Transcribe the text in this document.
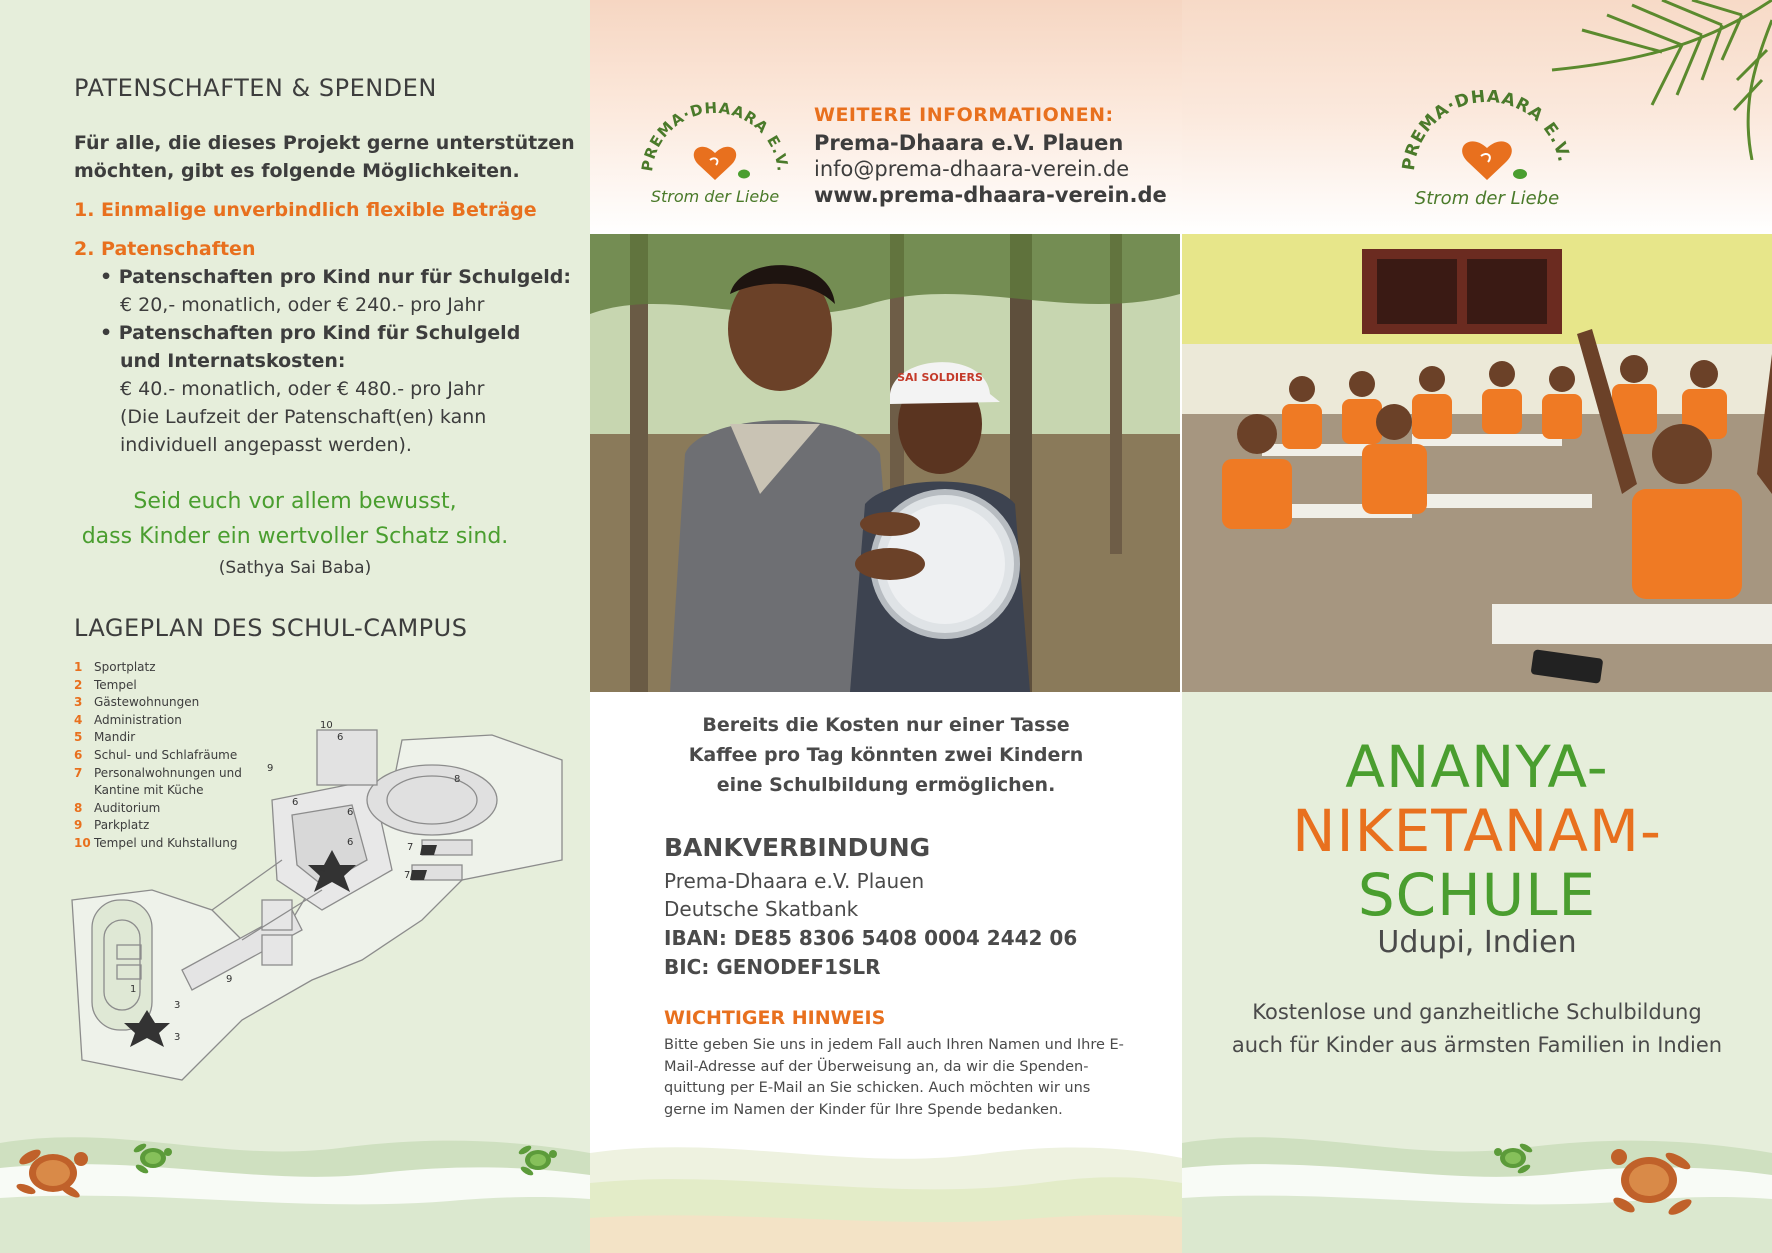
PATENSCHAFTEN & SPENDEN
Für alle, die dieses Projekt gerne unterstützen
möchten, gibt es folgende Möglichkeiten.
1. Einmalige unverbindlich flexible Beträge
2. Patenschaften
• Patenschaften pro Kind nur für Schulgeld:
€ 20,- monatlich, oder € 240.- pro Jahr
• Patenschaften pro Kind für Schulgeld
und Internatskosten:
€ 40.- monatlich, oder € 480.- pro Jahr
(Die Laufzeit der Patenschaft(en) kann
individuell angepasst werden).
Seid euch vor allem bewusst,
dass Kinder ein wertvoller Schatz sind.
(Sathya Sai Baba)
LAGEPLAN DES SCHUL-CAMPUS
1 Sportplatz
2 Tempel
3 Gästewohnungen
4 Administration
5 Mandir
6 Schul- und Schlafräume
7 Personalwohnungen und
Kantine mit Küche
8 Auditorium
9 Parkplatz
10 Tempel und Kuhstallung
1
3
3
9
4
9
6
6
6
10
6
8
7
7
PREMA·DHAARA E.V.
Strom der Liebe
WEITERE INFORMATIONEN:
Prema-Dhaara e.V. Plauen
info@prema-dhaara-verein.de
www.prema-dhaara-verein.de
SAI SOLDIERS
Bereits die Kosten nur einer Tasse
Kaffee pro Tag könnten zwei Kindern
eine Schulbildung ermöglichen.
BANKVERBINDUNG
Prema-Dhaara e.V. Plauen
Deutsche Skatbank
IBAN: DE85 8306 5408 0004 2442 06
BIC: GENODEF1SLR
WICHTIGER HINWEIS
Bitte geben Sie uns in jedem Fall auch Ihren Namen und Ihre E-Mail-Adresse auf der Überweisung an, da wir die Spenden-quittung per E-Mail an Sie schicken. Auch möchten wir uns gerne im Namen der Kinder für Ihre Spende bedanken.
PREMA·DHAARA E.V.
Strom der Liebe
ANANYA-
NIKETANAM-
SCHULE
Udupi, Indien
Kostenlose und ganzheitliche Schulbildung
auch für Kinder aus ärmsten Familien in Indien
